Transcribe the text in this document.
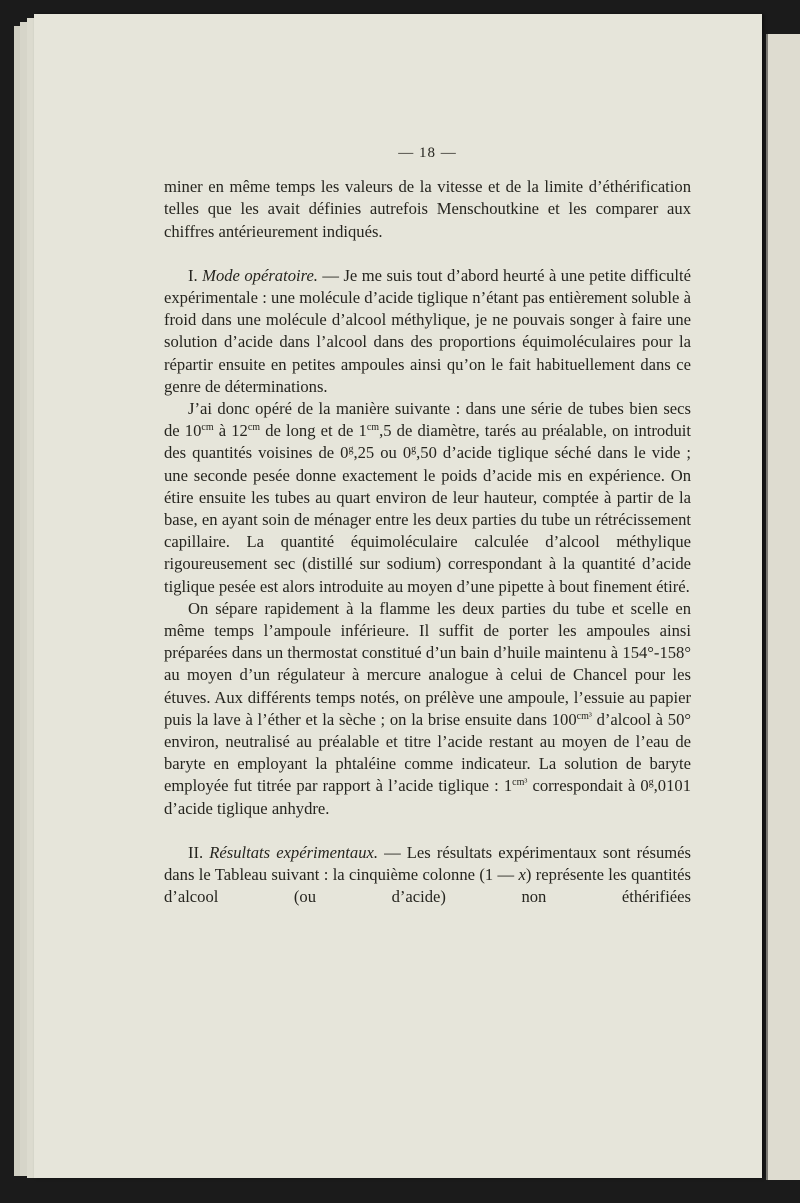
— 18 —

miner en même temps les valeurs de la vitesse et de la limite d’éthérification telles que les avait définies autrefois Menschoutkine et les comparer aux chiffres antérieurement indiqués.

I. Mode opératoire. — Je me suis tout d’abord heurté à une petite difficulté expérimentale : une molécule d’acide tiglique n’étant pas entièrement soluble à froid dans une molécule d’alcool méthylique, je ne pouvais songer à faire une solution d’acide dans l’alcool dans des proportions équimoléculaires pour la répartir ensuite en petites ampoules ainsi qu’on le fait habituellement dans ce genre de déterminations.

J’ai donc opéré de la manière suivante : dans une série de tubes bien secs de $10^{cm}$ à $12^{cm}$ de long et de $1^{cm},5$ de diamètre, tarés au préalable, on introduit des quantités voisines de 0$^g$,25 ou 0$^g$,50 d’acide tiglique séché dans le vide ; une seconde pesée donne exactement le poids d’acide mis en expérience. On étire ensuite les tubes au quart environ de leur hauteur, comptée à partir de la base, en ayant soin de ménager entre les deux parties du tube un rétrécissement capillaire. La quantité équimoléculaire calculée d’alcool méthylique rigoureusement sec (distillé sur sodium) correspondant à la quantité d’acide tiglique pesée est alors introduite au moyen d’une pipette à bout finement étiré.

On sépare rapidement à la flamme les deux parties du tube et scelle en même temps l’ampoule inférieure. Il suffit de porter les ampoules ainsi préparées dans un thermostat constitué d’un bain d’huile maintenu à 154°-158° au moyen d’un régulateur à mercure analogue à celui de Chancel pour les étuves. Aux différents temps notés, on prélève une ampoule, l’essuie au papier puis la lave à l’éther et la sèche ; on la brise ensuite dans $100^{cm^3}$ d’alcool à 50° environ, neutralisé au préalable et titre l’acide restant au moyen de l’eau de baryte en employant la phtaléine comme indicateur. La solution de baryte employée fut titrée par rapport à l’acide tiglique : $1^{cm^3}$ correspondait à 0$^g$,0101 d’acide tiglique anhydre.

II. Résultats expérimentaux. — Les résultats expérimentaux sont résumés dans le Tableau suivant : la cinquième colonne (1 — x) représente les quantités d’alcool (ou d’acide) non éthérifiées
